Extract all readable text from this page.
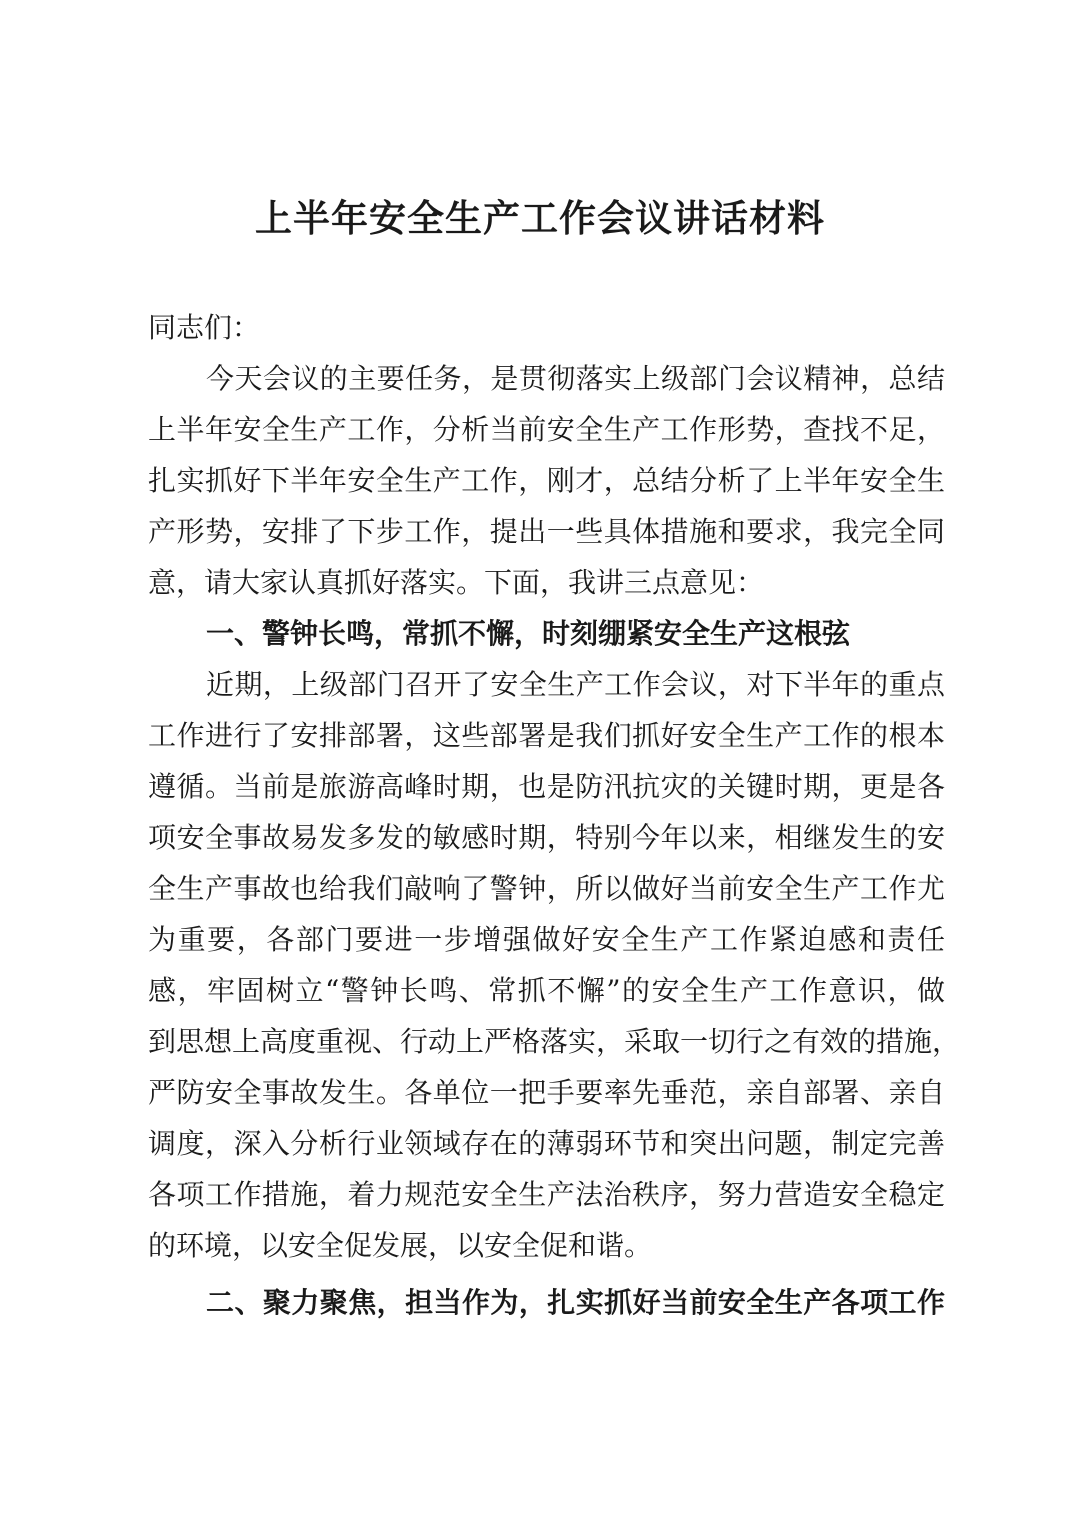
上半年安全生产工作会议讲话材料
同志们：
今天会议的主要任务，是贯彻落实上级部门会议精神，总结
上半年安全生产工作，分析当前安全生产工作形势，查找不足，
扎实抓好下半年安全生产工作，刚才，总结分析了上半年安全生
产形势，安排了下步工作，提出一些具体措施和要求，我完全同
意，请大家认真抓好落实。下面，我讲三点意见：
一、警钟长鸣，常抓不懈，时刻绷紧安全生产这根弦
近期，上级部门召开了安全生产工作会议，对下半年的重点
工作进行了安排部署，这些部署是我们抓好安全生产工作的根本
遵循。当前是旅游高峰时期，也是防汛抗灾的关键时期，更是各
项安全事故易发多发的敏感时期，特别今年以来，相继发生的安
全生产事故也给我们敲响了警钟，所以做好当前安全生产工作尤
为重要，各部门要进一步增强做好安全生产工作紧迫感和责任
感，牢固树立“警钟长鸣、常抓不懈”的安全生产工作意识，做
到思想上高度重视、行动上严格落实，采取一切行之有效的措施，
严防安全事故发生。各单位一把手要率先垂范，亲自部署、亲自
调度，深入分析行业领域存在的薄弱环节和突出问题，制定完善
各项工作措施，着力规范安全生产法治秩序，努力营造安全稳定
的环境，以安全促发展，以安全促和谐。
二、聚力聚焦，担当作为，扎实抓好当前安全生产各项工作
